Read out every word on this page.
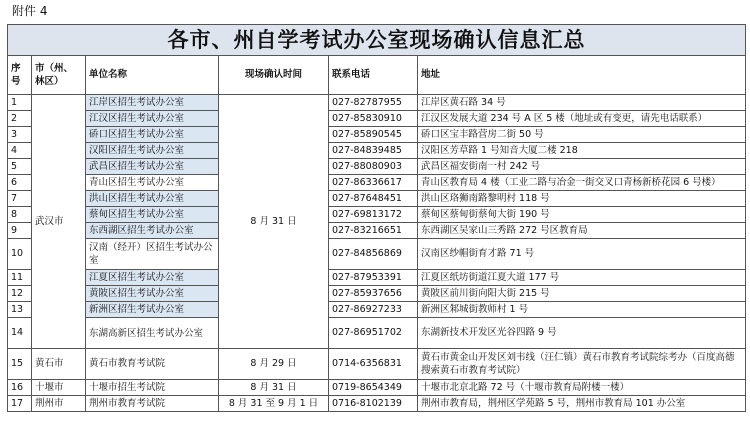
附件 4
各市、州自学考试办公室现场确认信息汇总					
序号	市（州、林区）	单位名称	现场确认时间	联系电话	地址
1	武汉市	江岸区招生考试办公室	8 月 31 日	027-82787955	江岸区黄石路 34 号
2		江汉区招生考试办公室		027-85830910	江汉区发展大道 234 号 A 区 5 楼（地址或有变更，请先电话联系）
3		硚口区招生考试办公室		027-85890545	硚口区宝丰路营房二街 50 号
4		汉阳区招生考试办公室		027-84839485	汉阳区芳草路 1 号知音大厦二楼 218
5		武昌区招生考试办公室		027-88080903	武昌区福安街南一村 242 号
6		青山区招生考试办公室		027-86336617	青山区教育局 4 楼（工业二路与冶金一街交叉口青杨新桥花园 6 号楼）
7		洪山区招生考试办公室		027-87648451	洪山区珞狮南路黎明村 118 号
8		蔡甸区招生考试办公室		027-69813172	蔡甸区蔡甸街蔡甸大街 190 号
9		东西湖区招生考试办公室		027-83216651	东西湖区吴家山三秀路 272 号区教育局
10		汉南（经开）区招生考试办公室		027-84856869	汉南区纱帽街育才路 71 号
11		江夏区招生考试办公室		027-87953391	江夏区纸坊街道江夏大道 177 号
12		黄陂区招生考试办公室		027-85937656	黄陂区前川街向阳大街 215 号
13		新洲区招生考试办公室		027-86927233	新洲区邾城街教师村 1 号
14		东湖高新区招生考试办公室		027-86951702	东湖新技术开发区光谷四路 9 号
15	黄石市	黄石市教育考试院	8 月 29 日	0714-6356831	黄石市黄金山开发区刘韦线（汪仁镇）黄石市教育考试院综考办（百度高德搜索黄石市教育考试院）
16	十堰市	十堰市招生考试院	8 月 31 日	0719-8654349	十堰市北京北路 72 号（十堰市教育局附楼一楼）
17	荆州市	荆州市教育考试院	8 月 31 至 9 月 1 日	0716-8102139	荆州市教育局，荆州区学苑路 5 号，荆州市教育局 101 办公室
